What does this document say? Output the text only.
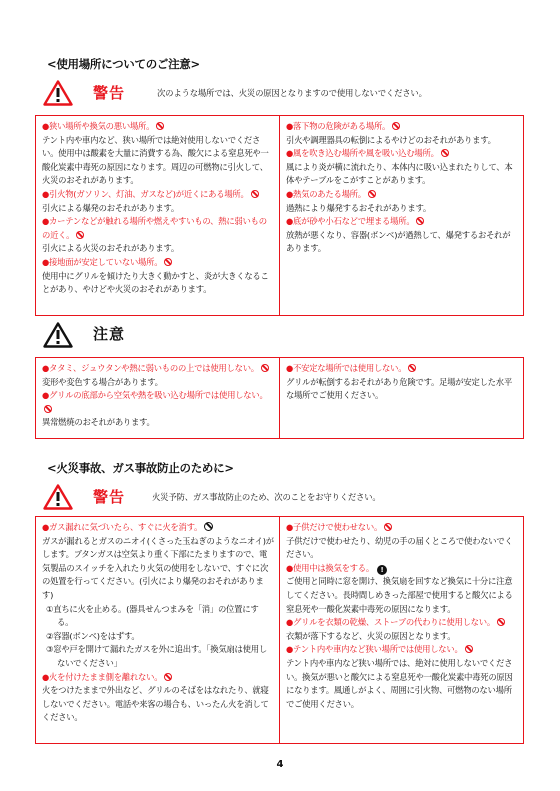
<使用場所についてのご注意>
警告	次のような場所では、火災の原因となりますので使用しないでください。

●狭い場所や換気の悪い場所。

テント内や車内など、狭い場所では絶対使用しないでください。使用中は酸素を大量に消費する為、酸欠による窒息死や一酸化炭素中毒死の原因になります。周辺の可燃物に引火して、火災のおそれがあります。

●引火物(ガソリン、灯油、ガスなど)が近くにある場所。

引火による爆発のおそれがあります。

●カーテンなどが触れる場所や燃えやすいもの、熱に弱いものの近く。

引火による火災のおそれがあります。

●接地面が安定していない場所。

使用中にグリルを傾けたり大きく動かすと、炎が大きくなることがあり、やけどや火災のおそれがあります。

●落下物の危険がある場所。

引火や調理器具の転倒によるやけどのおそれがあります。

●風を吹き込む場所や風を吸い込む場所。

風により炎が横に流れたり、本体内に吸い込まれたりして、本体やテーブルをこがすことがあります。

●熱気のあたる場所。

過熱により爆発するおそれがあります。

●底が砂や小石などで埋まる場所。

放熱が悪くなり、容器(ボンベ)が過熱して、爆発するおそれがあります。

注意

●タタミ、ジュウタンや熱に弱いものの上では使用しない。

変形や変色する場合があります。

●グリルの底部から空気や熱を吸い込む場所では使用しない。

異常燃焼のおそれがあります。

●不安定な場所では使用しない。

グリルが転倒するおそれがあり危険です。足場が安定した水平な場所でご使用ください。

<火災事故、ガス事故防止のために>
警告	火災予防、ガス事故防止のため、次のことをお守りください。

●ガス漏れに気づいたら、すぐに火を消す。

ガスが漏れるとガスのニオイ(くさった玉ねぎのようなニオイ)がします。ブタンガスは空気より重く下部にたまりますので、電気製品のスイッチを入れたり火気の使用をしないで、すぐに次の処置を行ってください。(引火により爆発のおそれがあります)

①直ちに火を止める。(器具せんつまみを「消」の位置にする。

②容器(ボンベ)をはずす。

③窓や戸を開けて漏れたガスを外に追出す。「換気扇は使用しないでください」

●火を付けたまま側を離れない。

火をつけたままで外出など、グリルのそばをはなれたり、就寝しないでください。電話や来客の場合も、いったん火を消してください。

●子供だけで使わせない。

子供だけで使わせたり、幼児の手の届くところで使わないでください。

●使用中は換気をする。 !

ご使用と同時に窓を開け、換気扇を回すなど換気に十分に注意してください。長時間しめきった部屋で使用すると酸欠による窒息死や一酸化炭素中毒死の原因になります。

●グリルを衣類の乾燥、ストーブの代わりに使用しない。

衣類が落下するなど、火災の原因となります。

●テント内や車内など狭い場所では使用しない。

テント内や車内など狭い場所では、絶対に使用しないでください。換気が悪いと酸欠による窒息死や一酸化炭素中毒死の原因になります。風通しがよく、周囲に引火物、可燃物のない場所でご使用ください。

4
